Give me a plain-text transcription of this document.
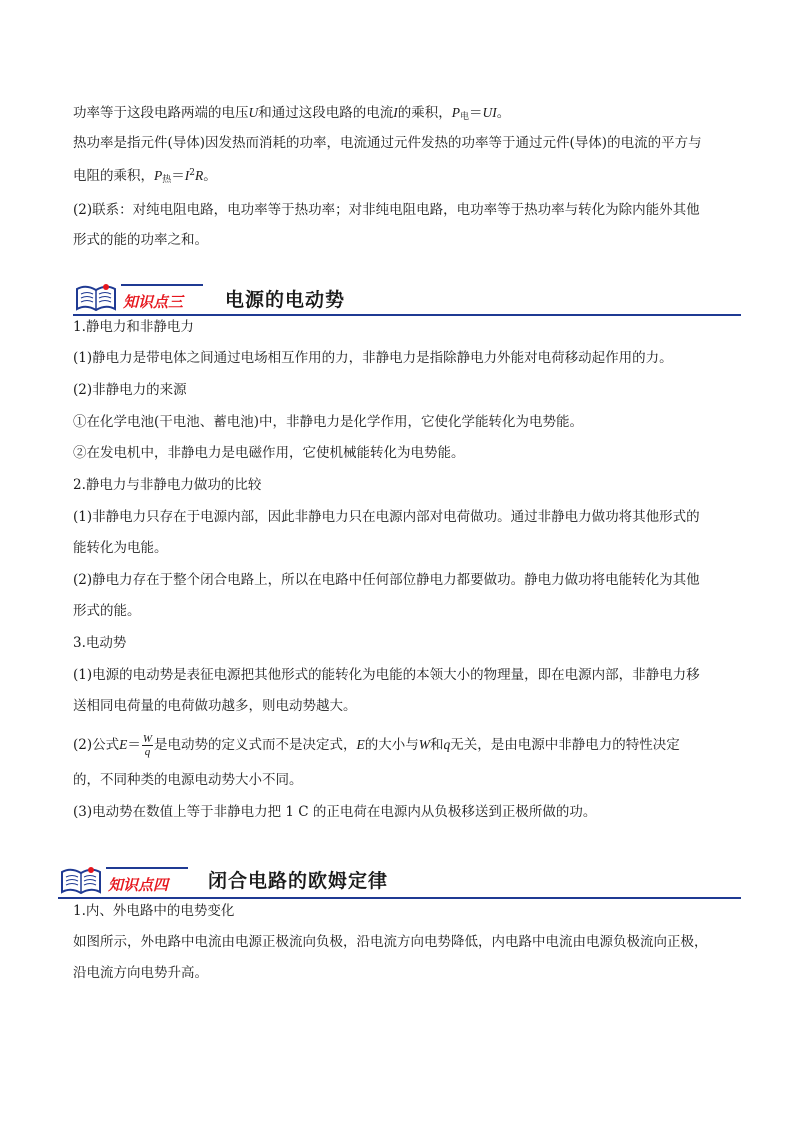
功率等于这段电路两端的电压U和通过这段电路的电流I的乘积，$P_电=UI$。

热功率是指元件(导体)因发热而消耗的功率，电流通过元件发热的功率等于通过元件(导体)的电流的平方与

电阻的乘积，$P_热=I^2R$。

(2)联系：对纯电阻电路，电功率等于热功率；对非纯电阻电路，电功率等于热功率与转化为除内能外其他

形式的能的功率之和。

知识点三 电源的电动势

1.静电力和非静电力

(1)静电力是带电体之间通过电场相互作用的力，非静电力是指除静电力外能对电荷移动起作用的力。

(2)非静电力的来源

①在化学电池(干电池、蓄电池)中，非静电力是化学作用，它使化学能转化为电势能。

②在发电机中，非静电力是电磁作用，它使机械能转化为电势能。

2.静电力与非静电力做功的比较

(1)非静电力只存在于电源内部，因此非静电力只在电源内部对电荷做功。通过非静电力做功将其他形式的

能转化为电能。

(2)静电力存在于整个闭合电路上，所以在电路中任何部位静电力都要做功。静电力做功将电能转化为其他

形式的能。

3.电动势

(1)电源的电动势是表征电源把其他形式的能转化为电能的本领大小的物理量，即在电源内部，非静电力移

送相同电荷量的电荷做功越多，则电动势越大。

(2)公式$E= \frac{W}{q}$ 是电动势的定义式而不是决定式，E的大小与W和q无关，是由电源中非静电力的特性决定

的，不同种类的电源电动势大小不同。

(3)电动势在数值上等于非静电力把 1 C 的正电荷在电源内从负极移送到正极所做的功。

知识点四 闭合电路的欧姆定律

1.内、外电路中的电势变化

如图所示，外电路中电流由电源正极流向负极，沿电流方向电势降低，内电路中电流由电源负极流向正极，

沿电流方向电势升高。
